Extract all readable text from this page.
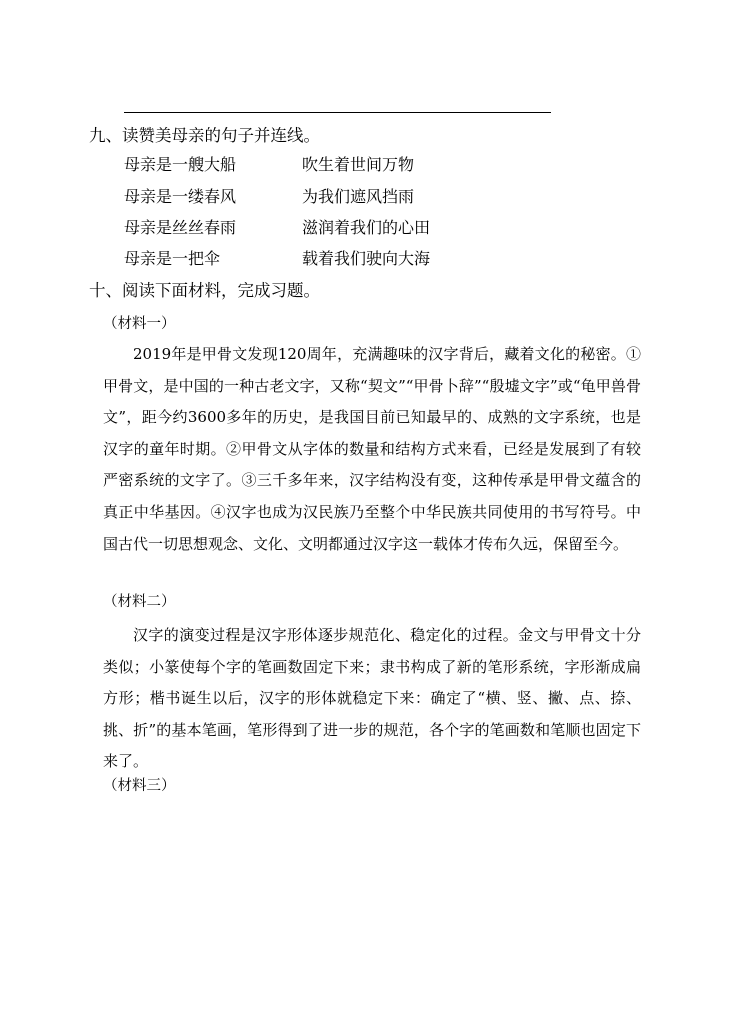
九、读赞美母亲的句子并连线。
母亲是一艘大船	吹生着世间万物
母亲是一缕春风	为我们遮风挡雨
母亲是丝丝春雨	滋润着我们的心田
母亲是一把伞	载着我们驶向大海
十、阅读下面材料，完成习题。
（材料一）
2019年是甲骨文发现120周年，充满趣味的汉字背后，藏着文化的秘密。①甲骨文，是中国的一种古老文字，又称“契文”“甲骨卜辞”“殷墟文字”或“龟甲兽骨文”，距今约3600多年的历史，是我国目前已知最早的、成熟的文字系统，也是汉字的童年时期。②甲骨文从字体的数量和结构方式来看，已经是发展到了有较严密系统的文字了。③三千多年来，汉字结构没有变，这种传承是甲骨文蕴含的真正中华基因。④汉字也成为汉民族乃至整个中华民族共同使用的书写符号。中国古代一切思想观念、文化、文明都通过汉字这一载体才传布久远，保留至今。
（材料二）
汉字的演变过程是汉字形体逐步规范化、稳定化的过程。金文与甲骨文十分类似；小篆使每个字的笔画数固定下来；隶书构成了新的笔形系统，字形渐成扁方形；楷书诞生以后，汉字的形体就稳定下来：确定了“横、竖、撇、点、捺、挑、折”的基本笔画，笔形得到了进一步的规范，各个字的笔画数和笔顺也固定下来了。
（材料三）
